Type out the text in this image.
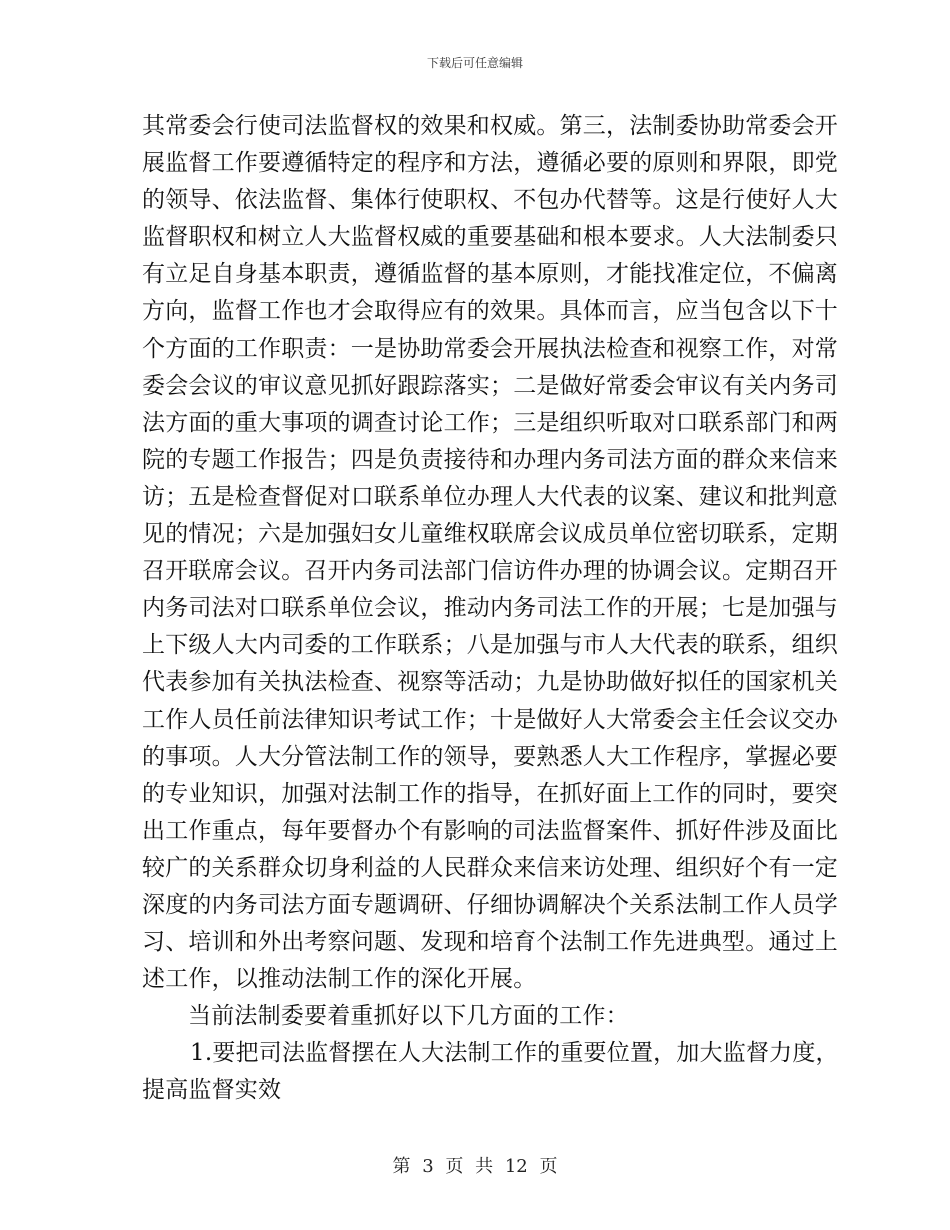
下载后可任意编辑
其常委会行使司法监督权的效果和权威。第三，法制委协助常委会开
展监督工作要遵循特定的程序和方法，遵循必要的原则和界限，即党
的领导、依法监督、集体行使职权、不包办代替等。这是行使好人大
监督职权和树立人大监督权威的重要基础和根本要求。人大法制委只
有立足自身基本职责，遵循监督的基本原则，才能找准定位，不偏离
方向，监督工作也才会取得应有的效果。具体而言，应当包含以下十
个方面的工作职责：一是协助常委会开展执法检查和视察工作，对常
委会会议的审议意见抓好跟踪落实；二是做好常委会审议有关内务司
法方面的重大事项的调查讨论工作；三是组织听取对口联系部门和两
院的专题工作报告；四是负责接待和办理内务司法方面的群众来信来
访；五是检查督促对口联系单位办理人大代表的议案、建议和批判意
见的情况；六是加强妇女儿童维权联席会议成员单位密切联系，定期
召开联席会议。召开内务司法部门信访件办理的协调会议。定期召开
内务司法对口联系单位会议，推动内务司法工作的开展；七是加强与
上下级人大内司委的工作联系；八是加强与市人大代表的联系，组织
代表参加有关执法检查、视察等活动；九是协助做好拟任的国家机关
工作人员任前法律知识考试工作；十是做好人大常委会主任会议交办
的事项。人大分管法制工作的领导，要熟悉人大工作程序，掌握必要
的专业知识，加强对法制工作的指导，在抓好面上工作的同时，要突
出工作重点，每年要督办个有影响的司法监督案件、抓好件涉及面比
较广的关系群众切身利益的人民群众来信来访处理、组织好个有一定
深度的内务司法方面专题调研、仔细协调解决个关系法制工作人员学
习、培训和外出考察问题、发现和培育个法制工作先进典型。通过上
述工作，以推动法制工作的深化开展。
当前法制委要着重抓好以下几方面的工作：
1.要把司法监督摆在人大法制工作的重要位置，加大监督力度，
提高监督实效
第 3 页 共 12 页
